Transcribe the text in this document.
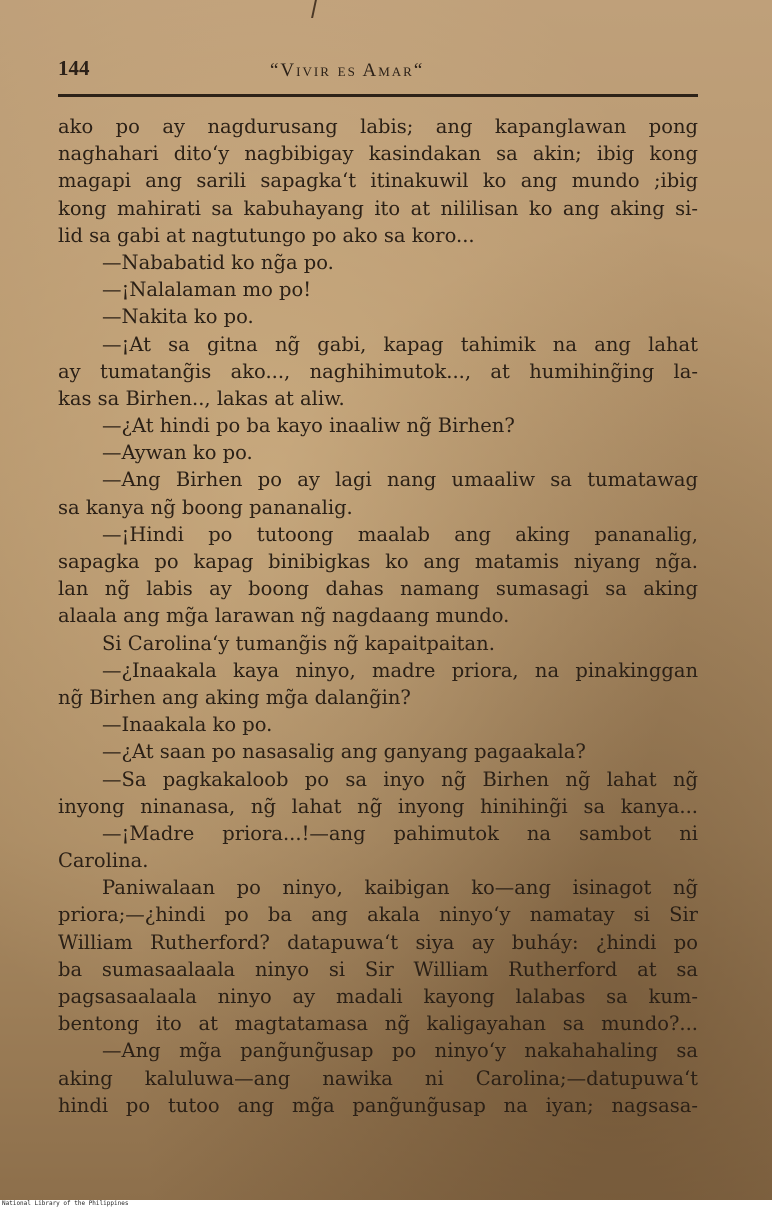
144	“Vivir es Amar“
ako po ay nagdurusang labis; ang kapanglawan pong
naghahari dito‘y nagbibigay kasindakan sa akin; ibig kong
magapi ang sarili sapagka‘t itinakuwil ko ang mundo ;ibig
kong mahirati sa kabuhayang ito at nililisan ko ang aking si-
lid sa gabi at nagtutungo po ako sa koro...
—Nababatid ko ng̃a po.
—¡Nalalaman mo po!
—Nakita ko po.
—¡At sa gitna ng̃ gabi, kapag tahimik na ang lahat
ay tumatang̃is ako..., naghihimutok..., at humihing̃ing la-
kas sa Birhen.., lakas at aliw.
—¿At hindi po ba kayo inaaliw ng̃ Birhen?
—Aywan ko po.
—Ang Birhen po ay lagi nang umaaliw sa tumatawag
sa kanya ng̃ boong pananalig.
—¡Hindi po tutoong maalab ang aking pananalig,
sapagka po kapag binibigkas ko ang matamis niyang ng̃a.
lan ng̃ labis ay boong dahas namang sumasagi sa aking
alaala ang mg̃a larawan ng̃ nagdaang mundo.
Si Carolina‘y tumang̃is ng̃ kapaitpaitan.
—¿Inaakala kaya ninyo, madre priora, na pinakinggan
ng̃ Birhen ang aking mg̃a dalang̃in?
—Inaakala ko po.
—¿At saan po nasasalig ang ganyang pagaakala?
—Sa pagkakaloob po sa inyo ng̃ Birhen ng̃ lahat ng̃
inyong ninanasa, ng̃ lahat ng̃ inyong hinihing̃i sa kanya...
—¡Madre priora...!—ang pahimutok na sambot ni
Carolina.
Paniwalaan po ninyo, kaibigan ko—ang isinagot ng̃
priora;—¿hindi po ba ang akala ninyo‘y namatay si Sir
William Rutherford? datapuwa‘t siya ay buháy: ¿hindi po
ba sumasaalaala ninyo si Sir William Rutherford at sa
pagsasaalaala ninyo ay madali kayong lalabas sa kum-
bentong ito at magtatamasa ng̃ kaligayahan sa mundo?...
—Ang mg̃a pang̃ung̃usap po ninyo‘y nakahahaling sa
aking kaluluwa—ang nawika ni Carolina;—datupuwa‘t
hindi po tutoo ang mg̃a pang̃ung̃usap na iyan; nagsasa-
National Library of the Philippines
